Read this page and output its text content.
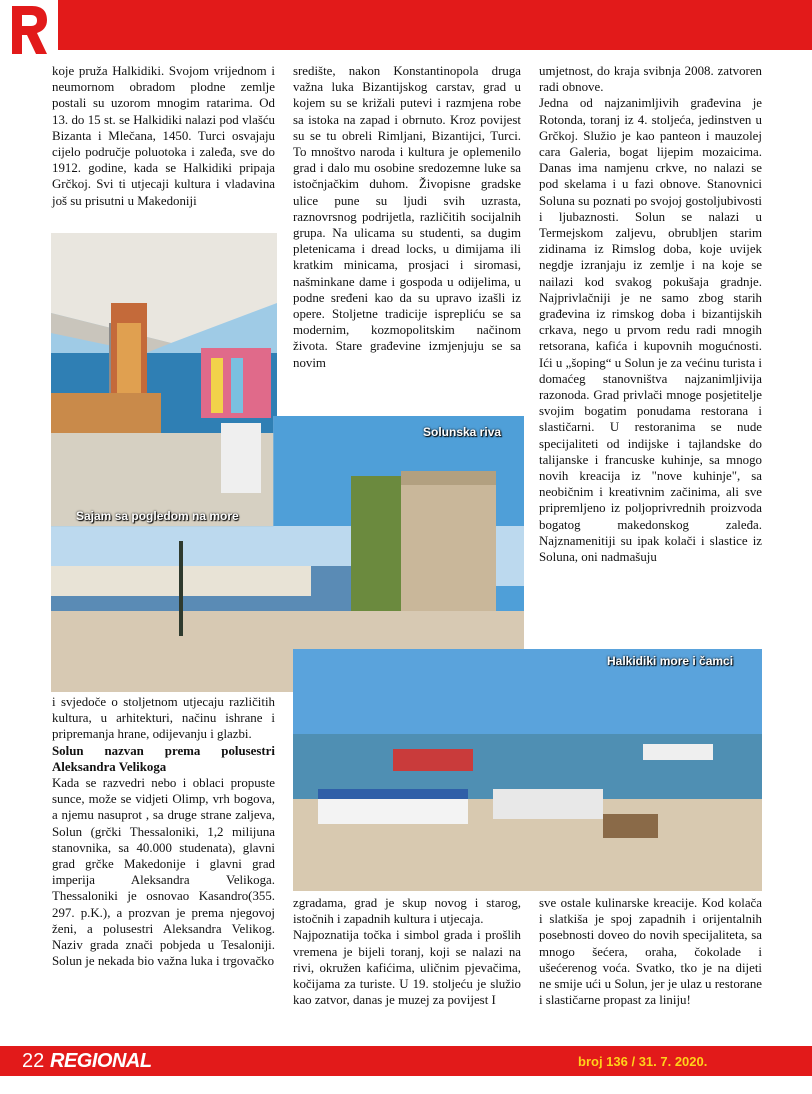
koje pruža Halkidiki. Svojom vrijednom i neumornom obradom plodne zemlje postali su uzorom mnogim ratarima. Od 13. do 15 st. se Halkidiki nalazi pod vlašću Bizanta i Mlečana, 1450. Turci osvajaju cijelo područje poluotoka i zaleđa, sve do 1912. godine, kada se Halkidiki pripaja Grčkoj. Svi ti utjecaji kultura i vladavina još su prisutni u Makedoniji

središte, nakon Konstantinopola druga važna luka Bizantijskog carstav, grad u kojem su se križali putevi i razmjena robe sa istoka na zapad i obrnuto. Kroz povijest su se tu obreli Rimljani, Bizantijci, Turci. To mnoštvo naroda i kultura je oplemenilo grad i dalo mu osobine sredozemne luke sa istočnjačkim duhom. Živopisne gradske ulice pune su ljudi svih uzrasta, raznovrsnog podrijetla, različitih socijalnih grupa. Na ulicama su studenti, sa dugim pletenicama i dread locks, u dimijama ili kratkim minicama, prosjaci i siromasi, našminkane dame i gospoda u odijelima, u podne sređeni kao da su upravo izašli iz opere. Stoljetne tradicije isprepliću se sa modernim, kozmopolitskim načinom života. Stare građevine izmjenjuju se sa novim

umjetnost, do kraja svibnja 2008. zatvoren radi obnove.

Jedna od najzanimljivih građevina je Rotonda, toranj iz 4. stoljeća, jedinstven u Grčkoj. Služio je kao panteon i mauzolej cara Galeria, bogat lijepim mozaicima. Danas ima namjenu crkve, no nalazi se pod skelama i u fazi obnove. Stanovnici Soluna su poznati po svojoj gostoljubivosti i ljubaznosti. Solun se nalazi u Termejskom zaljevu, obrubljen starim zidinama iz Rimslog doba, koje uvijek negdje izranjaju iz zemlje i na koje se nailazi kod svakog pokušaja gradnje. Najprivlačniji je ne samo zbog starih građevina iz rimskog doba i bizantijskih crkava, nego u prvom redu radi mnogih retsorana, kafića i kupovnih mogućnosti. Ići u „šoping“ u Solun je za većinu turista i domaćeg stanovništva najzanimljivija razonoda. Grad privlači mnoge posjetitelje svojim bogatim ponudama restorana i slastičarni. U restoranima se nude specijaliteti od indijske i tajlandske do talijanske i francuske kuhinje, sa mnogo novih kreacija iz "nove kuhinje", sa neobičnim i kreativnim začinima, ali sve pripremljeno iz poljoprivrednih proizvoda bogatog makedonskog zaleđa. Najznamenitiji su ipak kolači i slastice iz Soluna, oni nadmašuju

Sajam sa pogledom na more
Solunska riva
Halkidiki more i čamci

i svjedoče o stoljetnom utjecaju različitih kultura, u arhitekturi, načinu ishrane i pripremanja hrane, odijevanju i glazbi.

Solun nazvan prema polusestri Aleksandra Velikoga

Kada se razvedri nebo i oblaci propuste sunce, može se vidjeti Olimp, vrh bogova, a njemu nasuprot , sa druge strane zaljeva, Solun (grčki Thessaloniki, 1,2 milijuna stanovnika, sa 40.000 studenata), glavni grad grčke Makedonije i glavni grad imperija Aleksandra Velikoga. Thessaloniki je osnovao Kasandro(355. 297. p.K.), a prozvan je prema njegovoj ženi, a polusestri Aleksandra Velikog. Naziv grada znači pobjeda u Tesaloniji. Solun je nekada bio važna luka i trgovačko

zgradama, grad je skup novog i starog, istočnih i zapadnih kultura i utjecaja.

Najpoznatija točka i simbol grada i prošlih vremena je bijeli toranj, koji se nalazi na rivi, okružen kafićima, uličnim pjevačima, kočijama za turiste. U 19. stoljeću je služio kao zatvor, danas je muzej za povijest I

sve ostale kulinarske kreacije. Kod kolača i slatkiša je spoj zapadnih i orijentalnih posebnosti doveo do novih specijaliteta, sa mnogo šećera, oraha, čokolade i ušećerenog voća. Svatko, tko je na dijeti ne smije ući u Solun, jer je ulaz u restorane i slastičarne propast za liniju!

22 REGIONAL	broj 136 / 31. 7. 2020.
